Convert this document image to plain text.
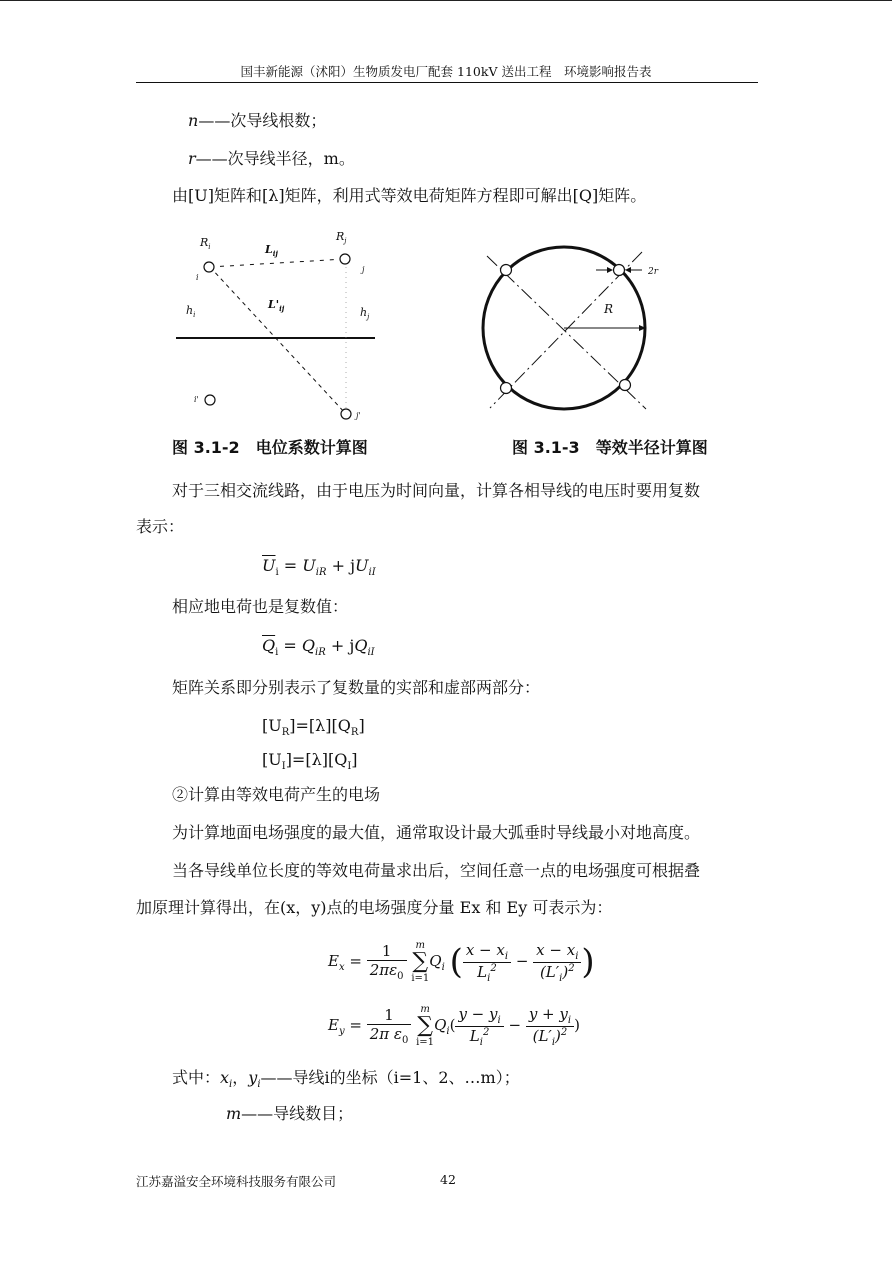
国丰新能源（沭阳）生物质发电厂配套 110kV 送出工程　环境影响报告表
n——次导线根数；
r——次导线半径，m。
由[U]矩阵和[λ]矩阵，利用式等效电荷矩阵方程即可解出[Q]矩阵。
$R_i$
$R_j$
$L_{ij}$
$L'_{ij}$
$h_i$	$h_j$
i
j
i'
j'
R
2r
图 3.1-2　电位系数计算图	图 3.1-3　等效半径计算图
对于三相交流线路，由于电压为时间向量，计算各相导线的电压时要用复数
表示：
$\overline{U}_i = U_{iR} + jU_{iI}$
相应地电荷也是复数值：
$\overline{Q}_i = Q_{iR} + jQ_{iI}$
矩阵关系即分别表示了复数量的实部和虚部两部分：
$[U_R]=[\lambda][Q_R]$
$[U_I]=[\lambda][Q_I]$
②计算由等效电荷产生的电场
为计算地面电场强度的最大值，通常取设计最大弧垂时导线最小对地高度。
当各导线单位长度的等效电荷量求出后，空间任意一点的电场强度可根据叠
加原理计算得出，在(x，y)点的电场强度分量 Ex 和 Ey 可表示为：
$E_x = \frac{1}{2\pi\varepsilon_0}$
m
∑
i=1
$Q_i$ ( $\frac{x - x_i}{L_i^2} - \frac{x - x_i}{(L'_i)^2}$ )
$E_y = \frac{1}{2\pi \varepsilon_0}$
m
∑
i=1
$Q_i( \frac{y - y_i}{L_i^2} - \frac{y + y_i}{(L'_i)^2}$ )
式中：$x_i$，$y_i——$导线i的坐标（i=1、2、…m）；
m——导线数目；
江苏嘉溢安全环境科技服务有限公司	42
